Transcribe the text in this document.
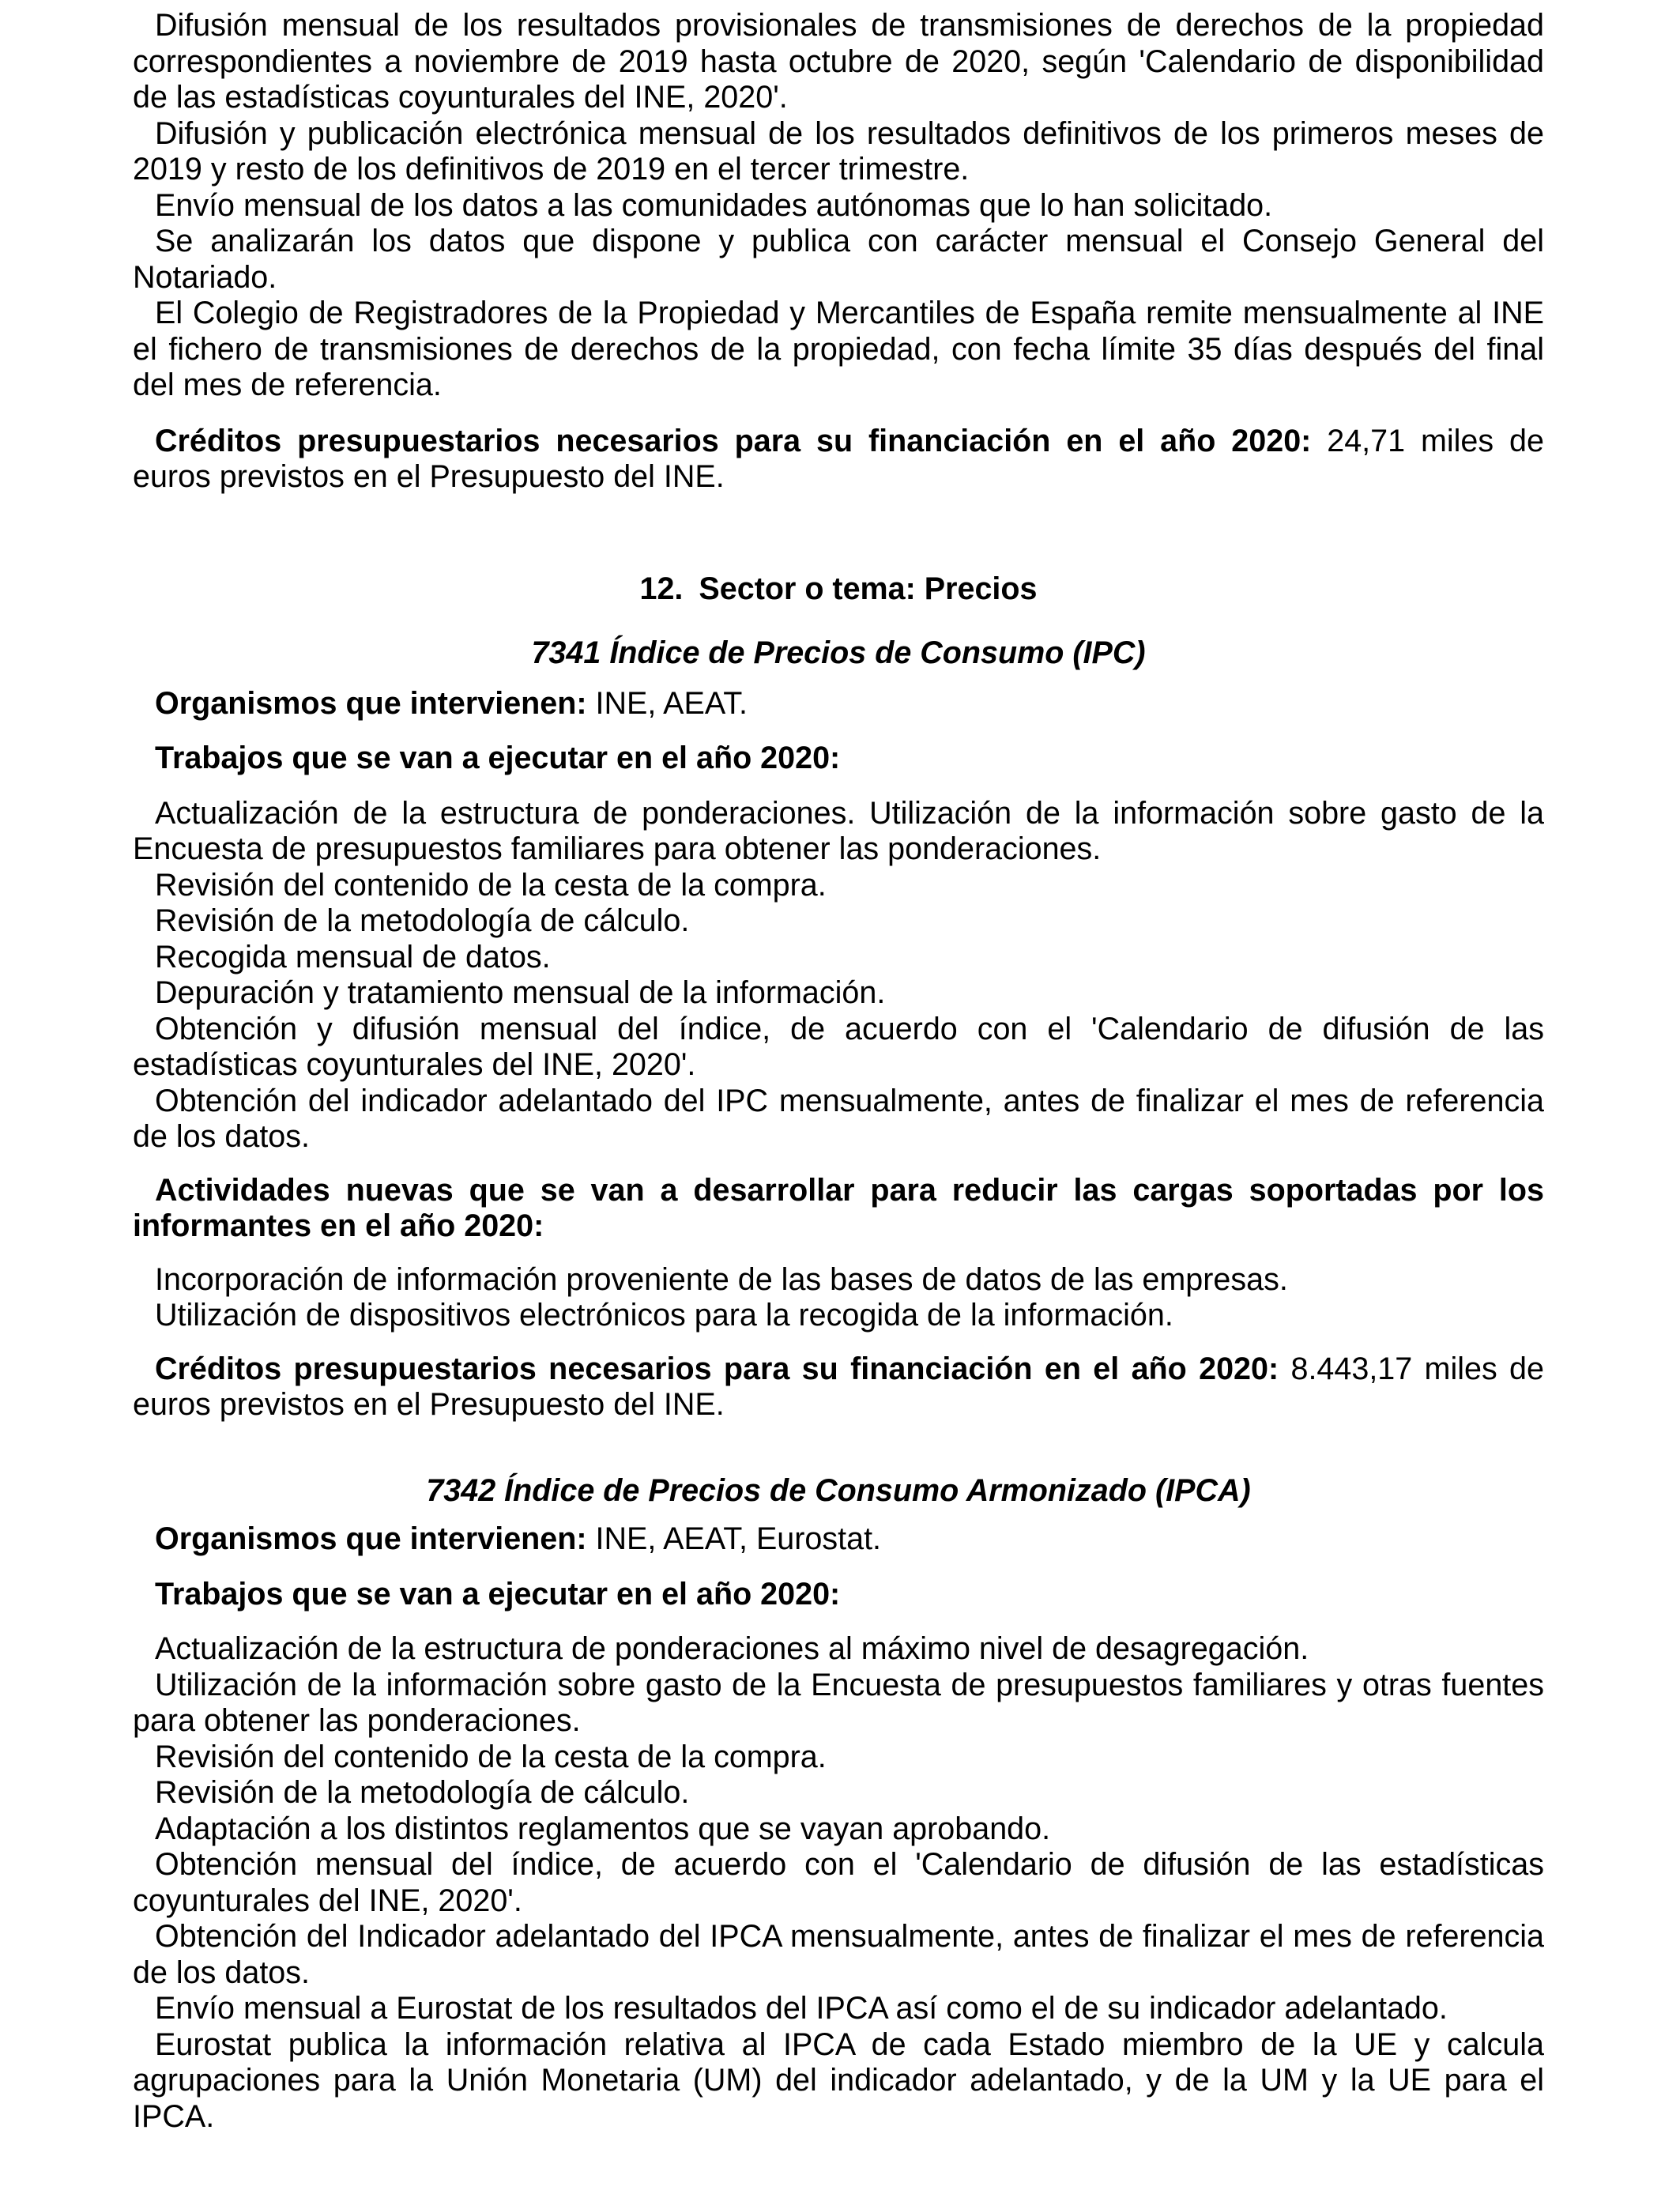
Difusión mensual de los resultados provisionales de transmisiones de derechos de la propiedad correspondientes a noviembre de 2019 hasta octubre de 2020, según 'Calendario de disponibilidad de las estadísticas coyunturales del INE, 2020'.

Difusión y publicación electrónica mensual de los resultados definitivos de los primeros meses de 2019 y resto de los definitivos de 2019 en el tercer trimestre.

Envío mensual de los datos a las comunidades autónomas que lo han solicitado.

Se analizarán los datos que dispone y publica con carácter mensual el Consejo General del Notariado.

El Colegio de Registradores de la Propiedad y Mercantiles de España remite mensualmente al INE el fichero de transmisiones de derechos de la propiedad, con fecha límite 35 días después del final del mes de referencia.

Créditos presupuestarios necesarios para su financiación en el año 2020: 24,71 miles de euros previstos en el Presupuesto del INE.

12. Sector o tema: Precios

7341 Índice de Precios de Consumo (IPC)

Organismos que intervienen: INE, AEAT.

Trabajos que se van a ejecutar en el año 2020:

Actualización de la estructura de ponderaciones. Utilización de la información sobre gasto de la Encuesta de presupuestos familiares para obtener las ponderaciones.

Revisión del contenido de la cesta de la compra.

Revisión de la metodología de cálculo.

Recogida mensual de datos.

Depuración y tratamiento mensual de la información.

Obtención y difusión mensual del índice, de acuerdo con el 'Calendario de difusión de las estadísticas coyunturales del INE, 2020'.

Obtención del indicador adelantado del IPC mensualmente, antes de finalizar el mes de referencia de los datos.

Actividades nuevas que se van a desarrollar para reducir las cargas soportadas por los informantes en el año 2020:

Incorporación de información proveniente de las bases de datos de las empresas.

Utilización de dispositivos electrónicos para la recogida de la información.

Créditos presupuestarios necesarios para su financiación en el año 2020: 8.443,17 miles de euros previstos en el Presupuesto del INE.

7342 Índice de Precios de Consumo Armonizado (IPCA)

Organismos que intervienen: INE, AEAT, Eurostat.

Trabajos que se van a ejecutar en el año 2020:

Actualización de la estructura de ponderaciones al máximo nivel de desagregación.

Utilización de la información sobre gasto de la Encuesta de presupuestos familiares y otras fuentes para obtener las ponderaciones.

Revisión del contenido de la cesta de la compra.

Revisión de la metodología de cálculo.

Adaptación a los distintos reglamentos que se vayan aprobando.

Obtención mensual del índice, de acuerdo con el 'Calendario de difusión de las estadísticas coyunturales del INE, 2020'.

Obtención del Indicador adelantado del IPCA mensualmente, antes de finalizar el mes de referencia de los datos.

Envío mensual a Eurostat de los resultados del IPCA así como el de su indicador adelantado.

Eurostat publica la información relativa al IPCA de cada Estado miembro de la UE y calcula agrupaciones para la Unión Monetaria (UM) del indicador adelantado, y de la UM y la UE para el IPCA.
